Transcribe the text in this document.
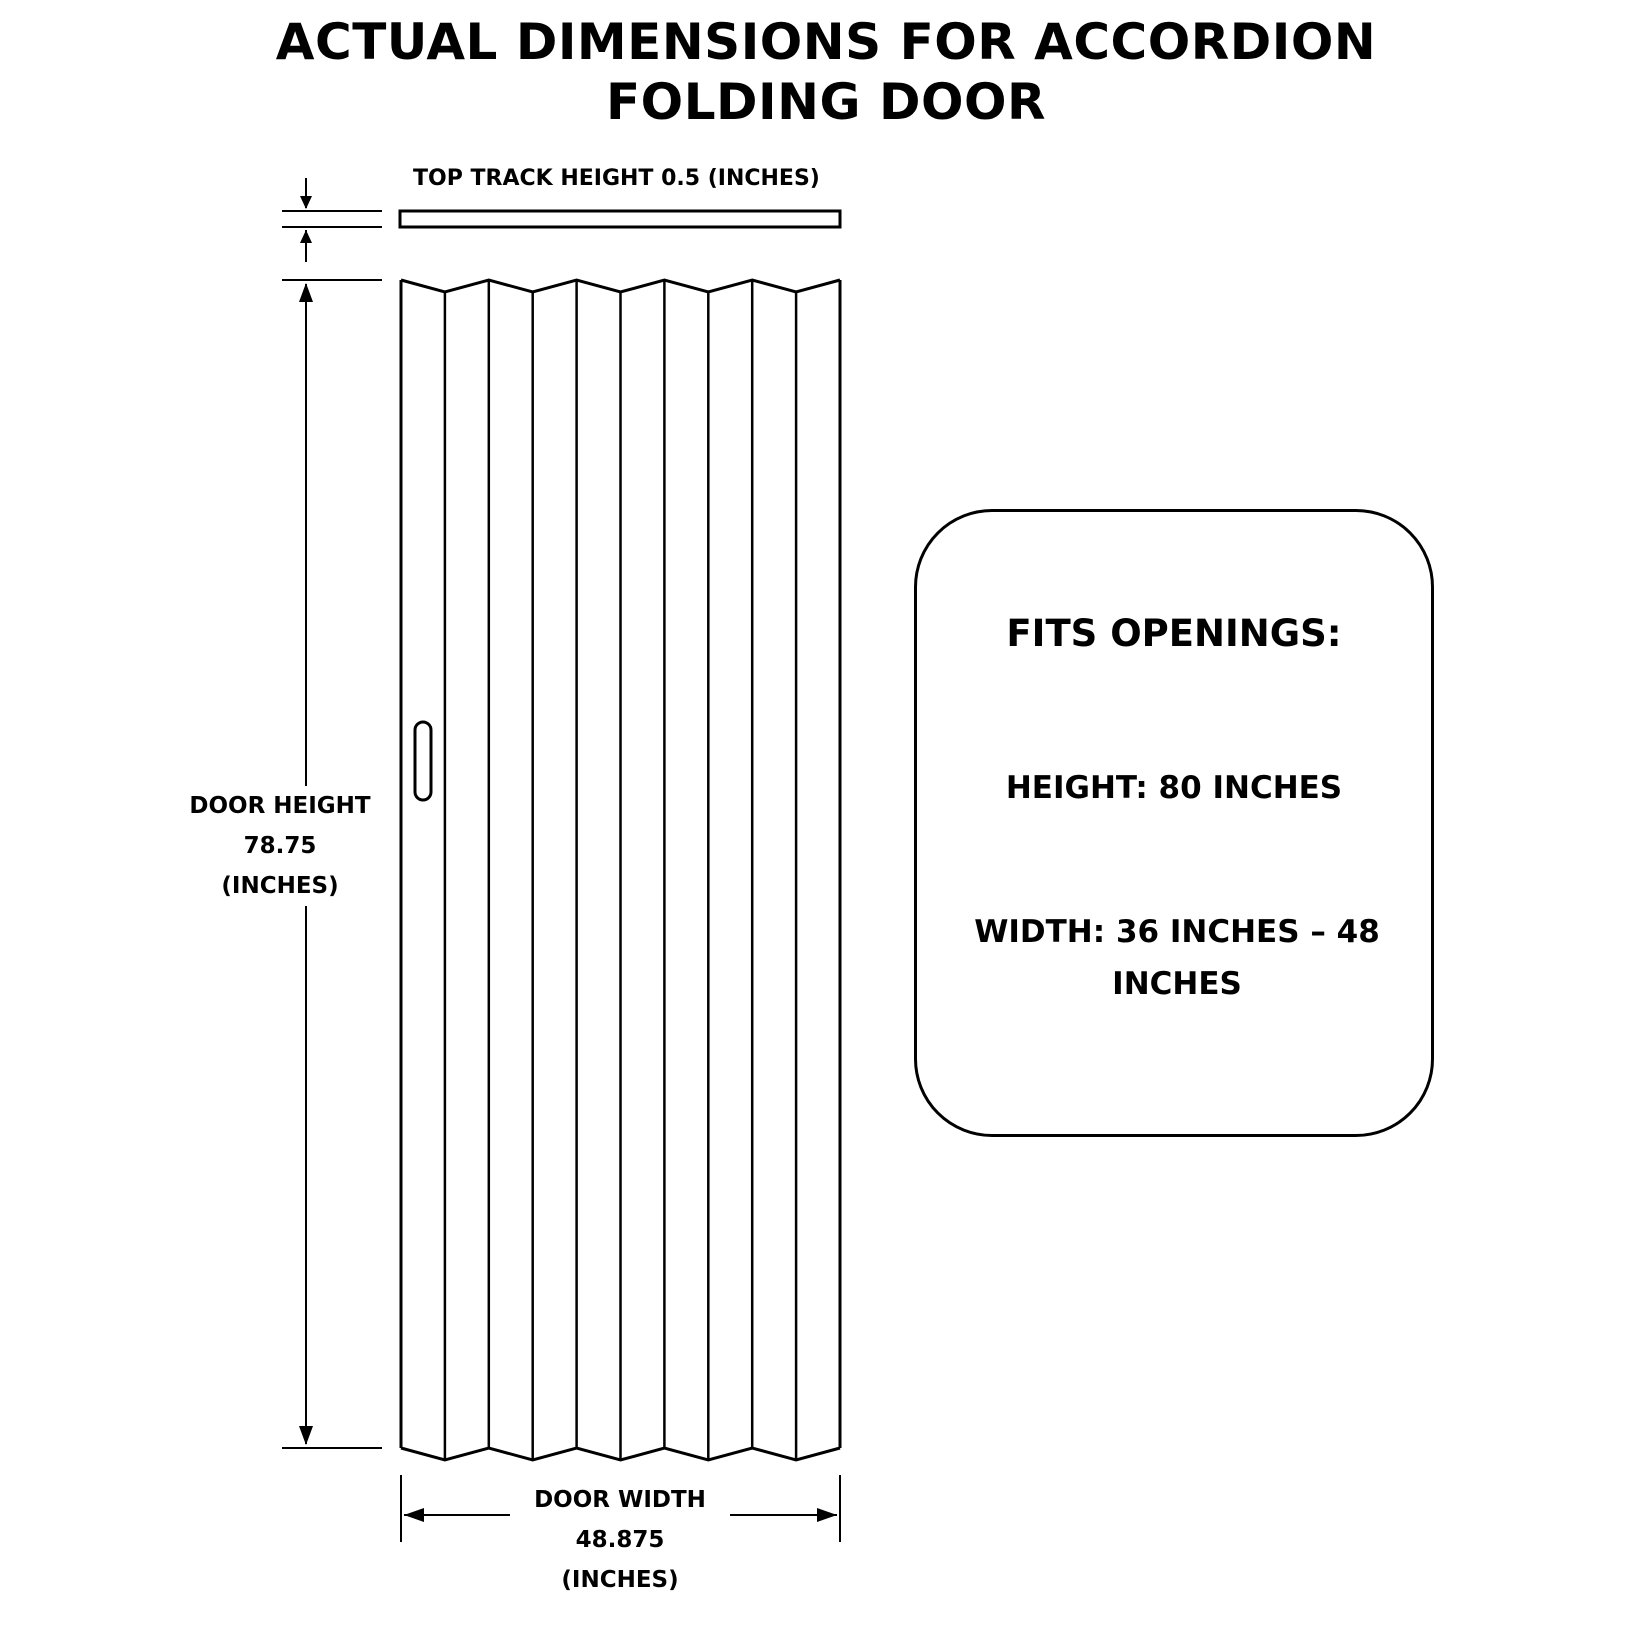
ACTUAL DIMENSIONS FOR ACCORDION
FOLDING DOOR
TOP TRACK HEIGHT 0.5 (INCHES)
DOOR HEIGHT
78.75
(INCHES)
DOOR WIDTH
48.875
(INCHES)
FITS OPENINGS:
HEIGHT: 80 INCHES
WIDTH: 36 INCHES – 48 INCHES
